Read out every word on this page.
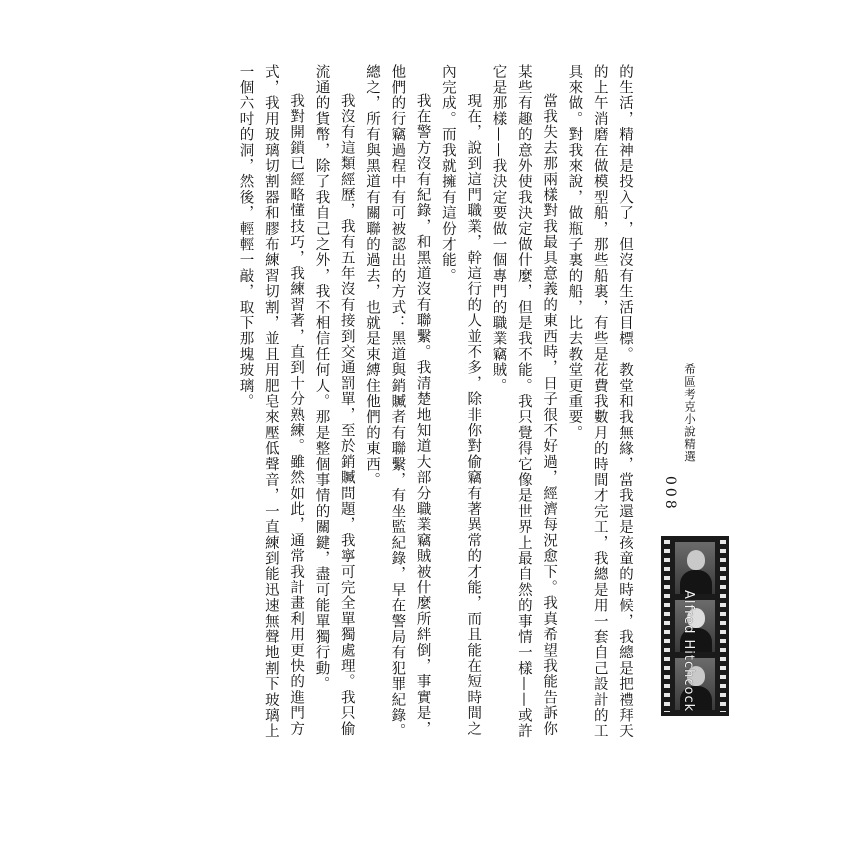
的生活，精神是投入了，但沒有生活目標。教堂和我無緣，當我還是孩童的時候，我總是把禮拜天的上午消磨在做模型船，那些船裏，有些是花費我數月的時間才完工，我總是用一套自己設計的工具來做。對我來說，做瓶子裏的船，比去教堂更重要。

當我失去那兩樣對我最具意義的東西時，日子很不好過，經濟每況愈下。我真希望我能告訴你某些有趣的意外使我決定做什麼，但是我不能。我只覺得它像是世界上最自然的事情一樣——或許它是那樣——我決定要做一個專門的職業竊賊。

現在，說到這門職業，幹這行的人並不多，除非你對偷竊有著異常的才能，而且能在短時間之內完成。而我就擁有這份才能。

我在警方沒有紀錄，和黑道沒有聯繫。我清楚地知道大部分職業竊賊被什麼所絆倒，事實是，他們的行竊過程中有可被認出的方式：黑道與銷贓者有聯繫，有坐監紀錄，早在警局有犯罪紀錄。總之，所有與黑道有關聯的過去，也就是束縛住他們的東西。

我沒有這類經歷，我有五年沒有接到交通罰單，至於銷贓問題，我寧可完全單獨處理。我只偷流通的貨幣，除了我自己之外，我不相信任何人。那是整個事情的關鍵，盡可能單獨行動。

我對開鎖已經略懂技巧，我練習著，直到十分熟練。雖然如此，通常我計畫利用更快的進門方式，我用玻璃切割器和膠布練習切割，並且用肥皂來壓低聲音，一直練到能迅速無聲地割下玻璃上一個六吋的洞，然後，輕輕一敲，取下那塊玻璃。

希區考克小說精選
008
Alfred Hitchcock
